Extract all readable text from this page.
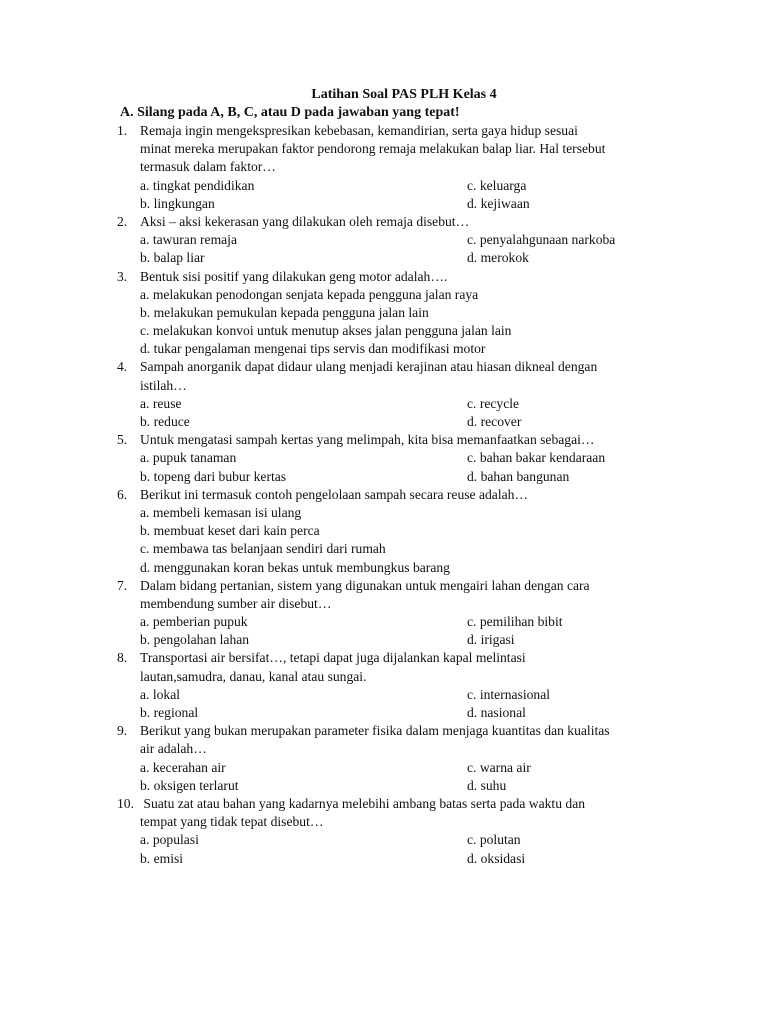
Latihan Soal PAS PLH Kelas 4
A. Silang pada A, B, C, atau D pada jawaban yang tepat!
1. Remaja ingin mengekspresikan kebebasan, kemandirian, serta gaya hidup sesuai
minat mereka merupakan faktor pendorong remaja melakukan balap liar. Hal tersebut
termasuk dalam faktor…
a. tingkat pendidikan	c. keluarga
b. lingkungan	d. kejiwaan
2. Aksi – aksi kekerasan yang dilakukan oleh remaja disebut…
a. tawuran remaja	c. penyalahgunaan narkoba
b. balap liar	d. merokok
3. Bentuk sisi positif yang dilakukan geng motor adalah….
a. melakukan penodongan senjata kepada pengguna jalan raya
b. melakukan pemukulan kepada pengguna jalan lain
c. melakukan konvoi untuk menutup akses jalan pengguna jalan lain
d. tukar pengalaman mengenai tips servis dan modifikasi motor
4. Sampah anorganik dapat didaur ulang menjadi kerajinan atau hiasan dikneal dengan
istilah…
a. reuse	c. recycle
b. reduce	d. recover
5. Untuk mengatasi sampah kertas yang melimpah, kita bisa memanfaatkan sebagai…
a. pupuk tanaman	c. bahan bakar kendaraan
b. topeng dari bubur kertas	d. bahan bangunan
6. Berikut ini termasuk contoh pengelolaan sampah secara reuse adalah…
a. membeli kemasan isi ulang
b. membuat keset dari kain perca
c. membawa tas belanjaan sendiri dari rumah
d. menggunakan koran bekas untuk membungkus barang
7. Dalam bidang pertanian, sistem yang digunakan untuk mengairi lahan dengan cara
membendung sumber air disebut…
a. pemberian pupuk	c. pemilihan bibit
b. pengolahan lahan	d. irigasi
8. Transportasi air bersifat…, tetapi dapat juga dijalankan kapal melintasi
lautan,samudra, danau, kanal atau sungai.
a. lokal	c. internasional
b. regional	d. nasional
9. Berikut yang bukan merupakan parameter fisika dalam menjaga kuantitas dan kualitas
air adalah…
a. kecerahan air	c. warna air
b. oksigen terlarut	d. suhu
10. Suatu zat atau bahan yang kadarnya melebihi ambang batas serta pada waktu dan
tempat yang tidak tepat disebut…
a. populasi	c. polutan
b. emisi	d. oksidasi
